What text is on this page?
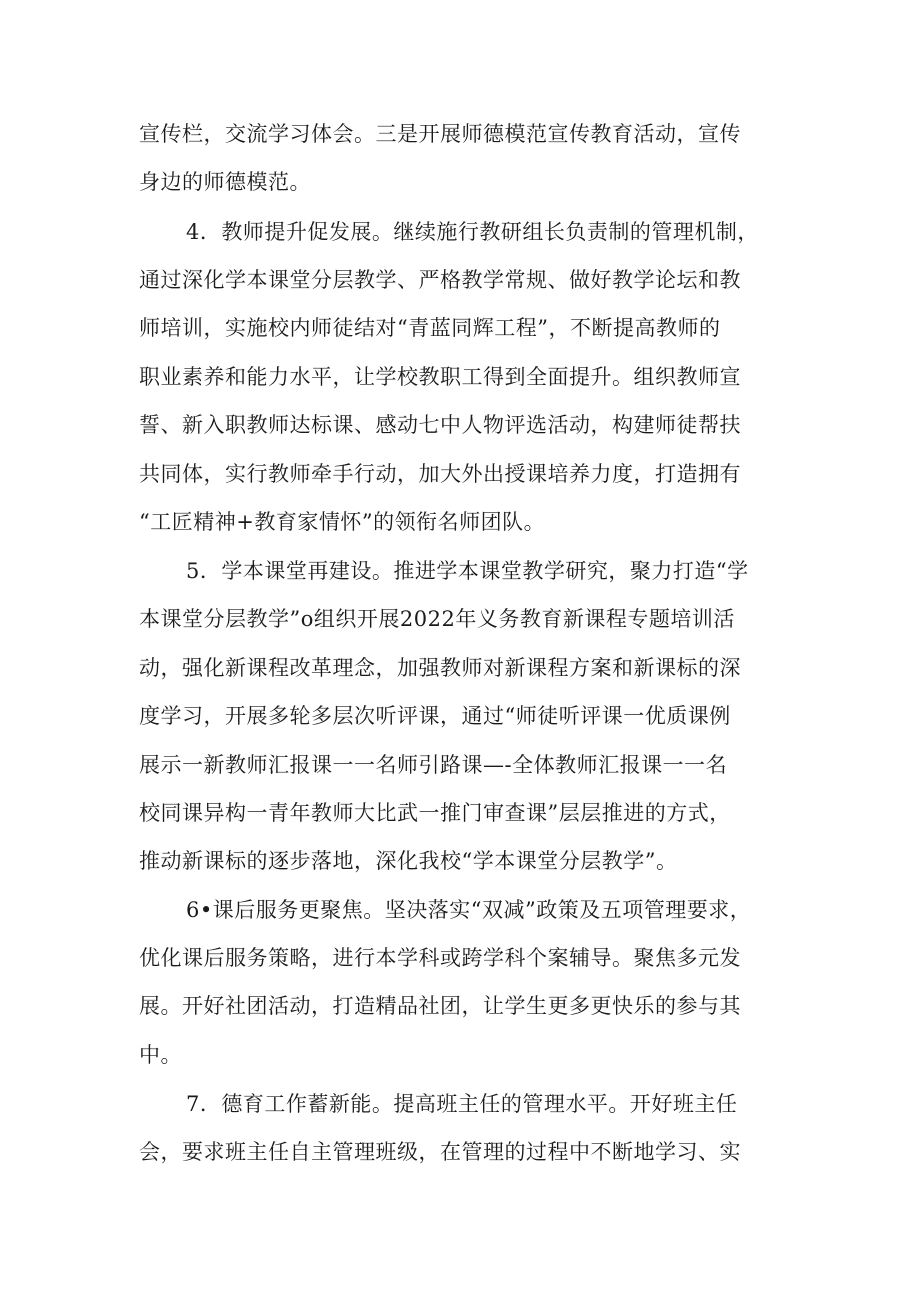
宣传栏，交流学习体会。三是开展师德模范宣传教育活动，宣传

身边的师德模范。

4．教师提升促发展。继续施行教研组长负责制的管理机制，

通过深化学本课堂分层教学、严格教学常规、做好教学论坛和教

师培训，实施校内师徒结对“青蓝同辉工程”，不断提高教师的

职业素养和能力水平，让学校教职工得到全面提升。组织教师宣

誓、新入职教师达标课、感动七中人物评选活动，构建师徒帮扶

共同体，实行教师牵手行动，加大外出授课培养力度，打造拥有

“工匠精神+教育家情怀”的领衔名师团队。

5．学本课堂再建设。推进学本课堂教学研究，聚力打造“学

本课堂分层教学”o组织开展2022年义务教育新课程专题培训活

动，强化新课程改革理念，加强教师对新课程方案和新课标的深

度学习，开展多轮多层次听评课，通过“师徒听评课一优质课例

展示一新教师汇报课一一名师引路课—-全体教师汇报课一一名

校同课异构一青年教师大比武一推门审查课”层层推进的方式，

推动新课标的逐步落地，深化我校“学本课堂分层教学”。

6•课后服务更聚焦。坚决落实“双减”政策及五项管理要求，

优化课后服务策略，进行本学科或跨学科个案辅导。聚焦多元发

展。开好社团活动，打造精品社团，让学生更多更快乐的参与其

中。

7．德育工作蓄新能。提高班主任的管理水平。开好班主任

会，要求班主任自主管理班级，在管理的过程中不断地学习、实
